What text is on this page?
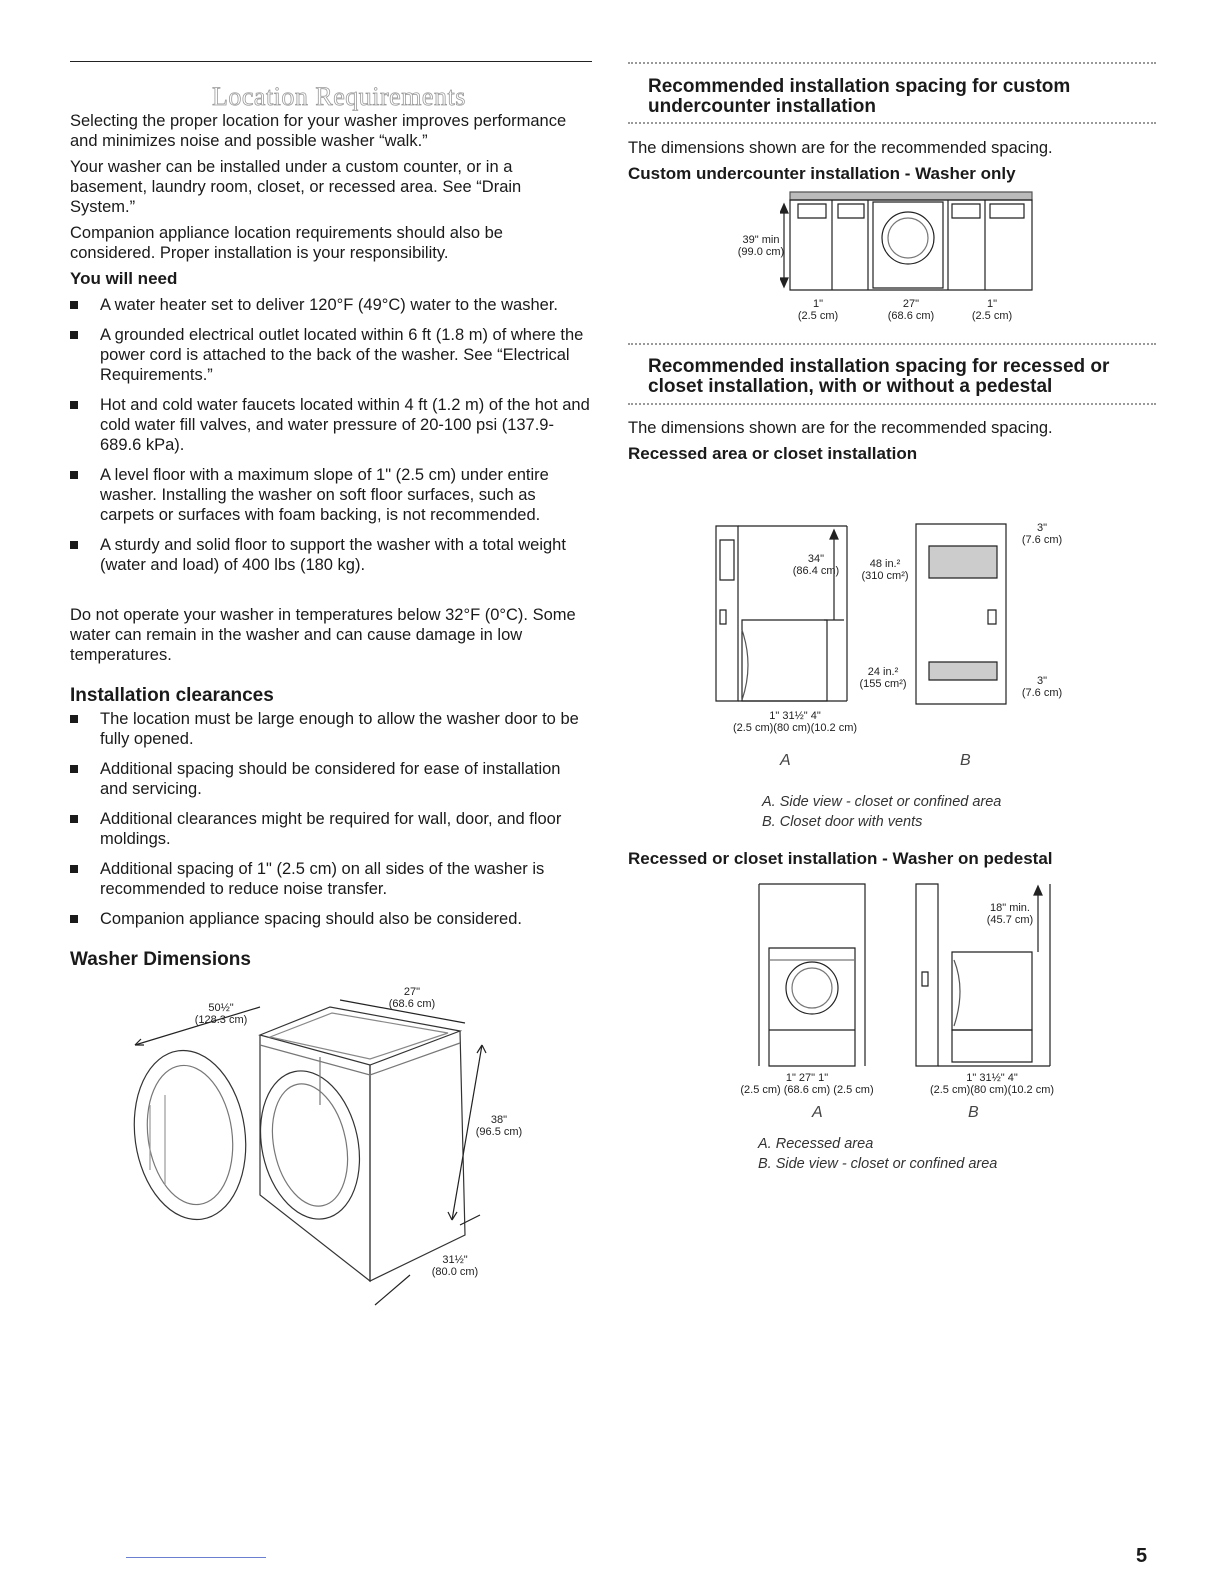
Location Requirements

Selecting the proper location for your washer improves performance and minimizes noise and possible washer “walk.”

Your washer can be installed under a custom counter, or in a basement, laundry room, closet, or recessed area. See “Drain System.”

Companion appliance location requirements should also be considered. Proper installation is your responsibility.

You will need
A water heater set to deliver 120°F (49°C) water to the washer.
A grounded electrical outlet located within 6 ft (1.8 m) of where the power cord is attached to the back of the washer. See “Electrical Requirements.”
Hot and cold water faucets located within 4 ft (1.2 m) of the hot and cold water fill valves, and water pressure of 20-100 psi (137.9-689.6 kPa).
A level floor with a maximum slope of 1" (2.5 cm) under entire washer. Installing the washer on soft floor surfaces, such as carpets or surfaces with foam backing, is not recommended.
A sturdy and solid floor to support the washer with a total weight (water and load) of 400 lbs (180 kg).

Do not operate your washer in temperatures below 32°F (0°C). Some water can remain in the washer and can cause damage in low temperatures.

Installation clearances
The location must be large enough to allow the washer door to be fully opened.
Additional spacing should be considered for ease of installation and servicing.
Additional clearances might be required for wall, door, and floor moldings.
Additional spacing of 1" (2.5 cm) on all sides of the washer is recommended to reduce noise transfer.
Companion appliance spacing should also be considered.
Washer Dimensions
50½"
(128.3 cm)
27"
(68.6 cm)
38"
(96.5 cm)
31½"
(80.0 cm)
Recommended installation spacing for custom undercounter installation

The dimensions shown are for the recommended spacing.

Custom undercounter installation - Washer only
39" min
(99.0 cm)
1"
(2.5 cm)
27"
(68.6 cm)
1"
(2.5 cm)
Recommended installation spacing for recessed or closet installation, with or without a pedestal

The dimensions shown are for the recommended spacing.

Recessed area or closet installation
34"
(86.4 cm)
48 in.²
(310 cm²)
24 in.²
(155 cm²)
3"
(7.6 cm)
3"
(7.6 cm)
1" 31½" 4"
(2.5 cm)(80 cm)(10.2 cm)
A	B
A. Side view - closet or confined area
B. Closet door with vents
Recessed or closet installation - Washer on pedestal
18" min.
(45.7 cm)
1" 27" 1"
(2.5 cm) (68.6 cm) (2.5 cm)
1" 31½" 4"
(2.5 cm)(80 cm)(10.2 cm)
A	B
A. Recessed area
B. Side view - closet or confined area
5
